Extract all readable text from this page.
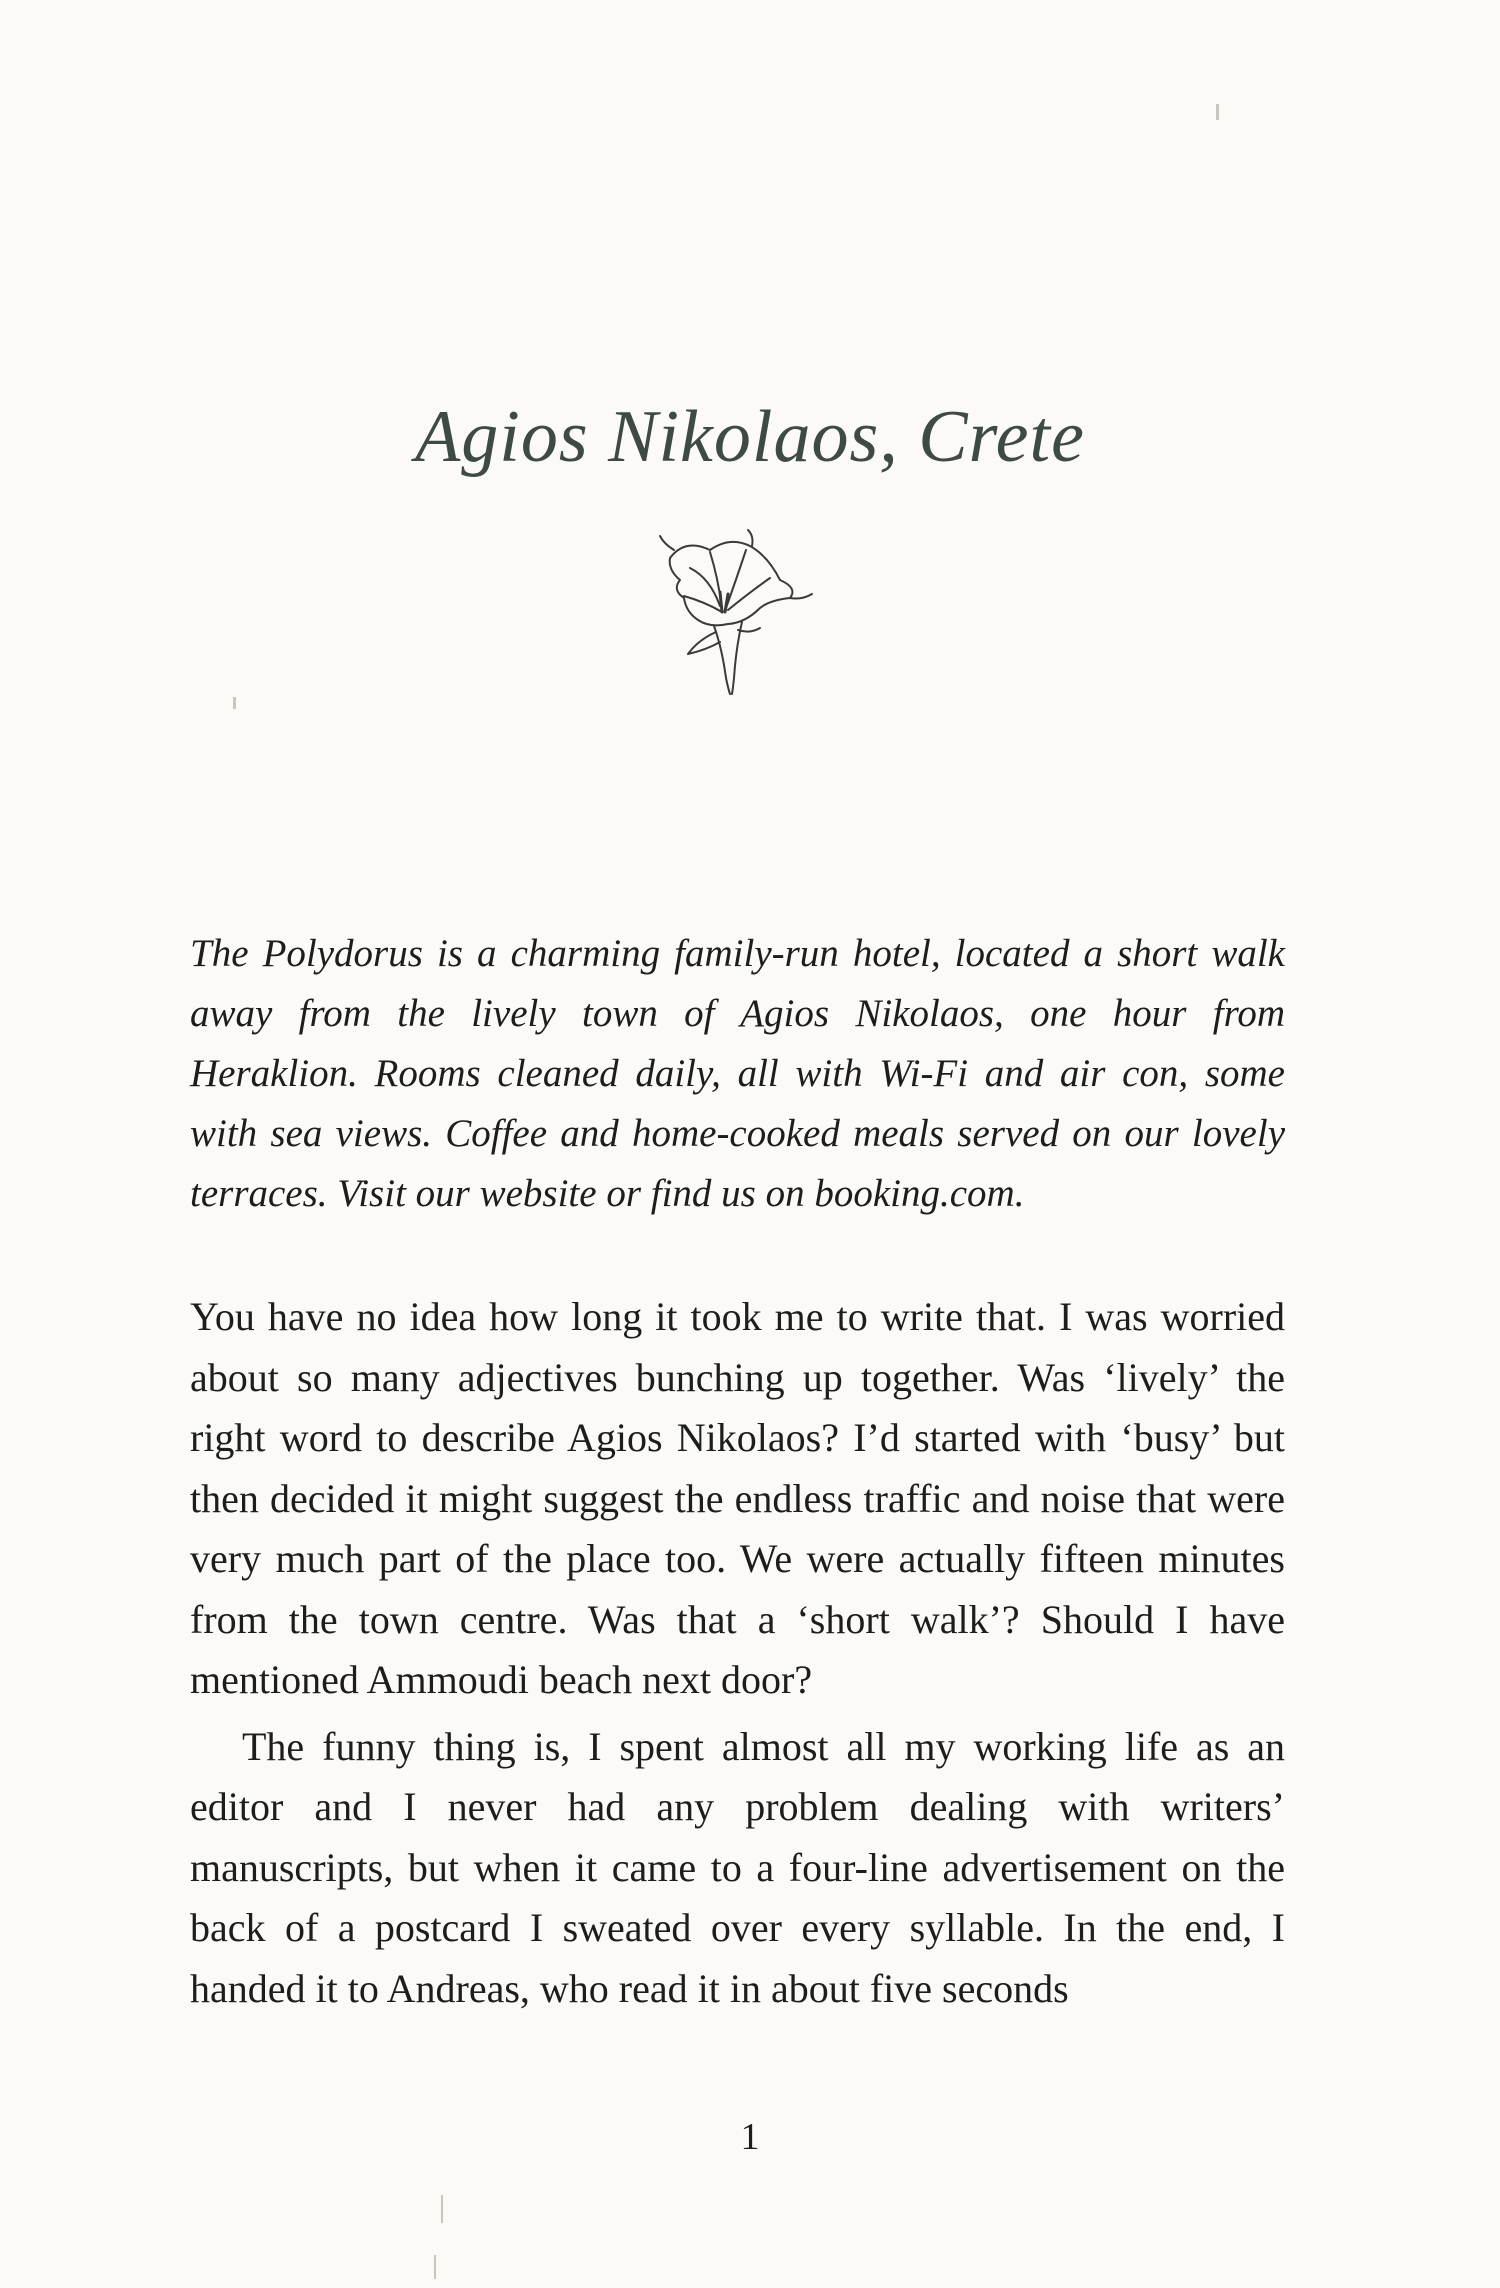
Agios Nikolaos, Crete

The Polydorus is a charming family-run hotel, located a short walk away from the lively town of Agios Nikolaos, one hour from Heraklion. Rooms cleaned daily, all with Wi-Fi and air con, some with sea views. Coffee and home-cooked meals served on our lovely terraces. Visit our website or find us on booking.com.

You have no idea how long it took me to write that. I was worried about so many adjectives bunching up together. Was ‘lively’ the right word to describe Agios Nikolaos? I’d started with ‘busy’ but then decided it might suggest the endless traffic and noise that were very much part of the place too. We were actually fifteen minutes from the town centre. Was that a ‘short walk’? Should I have mentioned Ammoudi beach next door?

The funny thing is, I spent almost all my working life as an editor and I never had any problem dealing with writers’ manuscripts, but when it came to a four-line advertisement on the back of a postcard I sweated over every syllable. In the end, I handed it to Andreas, who read it in about five seconds

1
